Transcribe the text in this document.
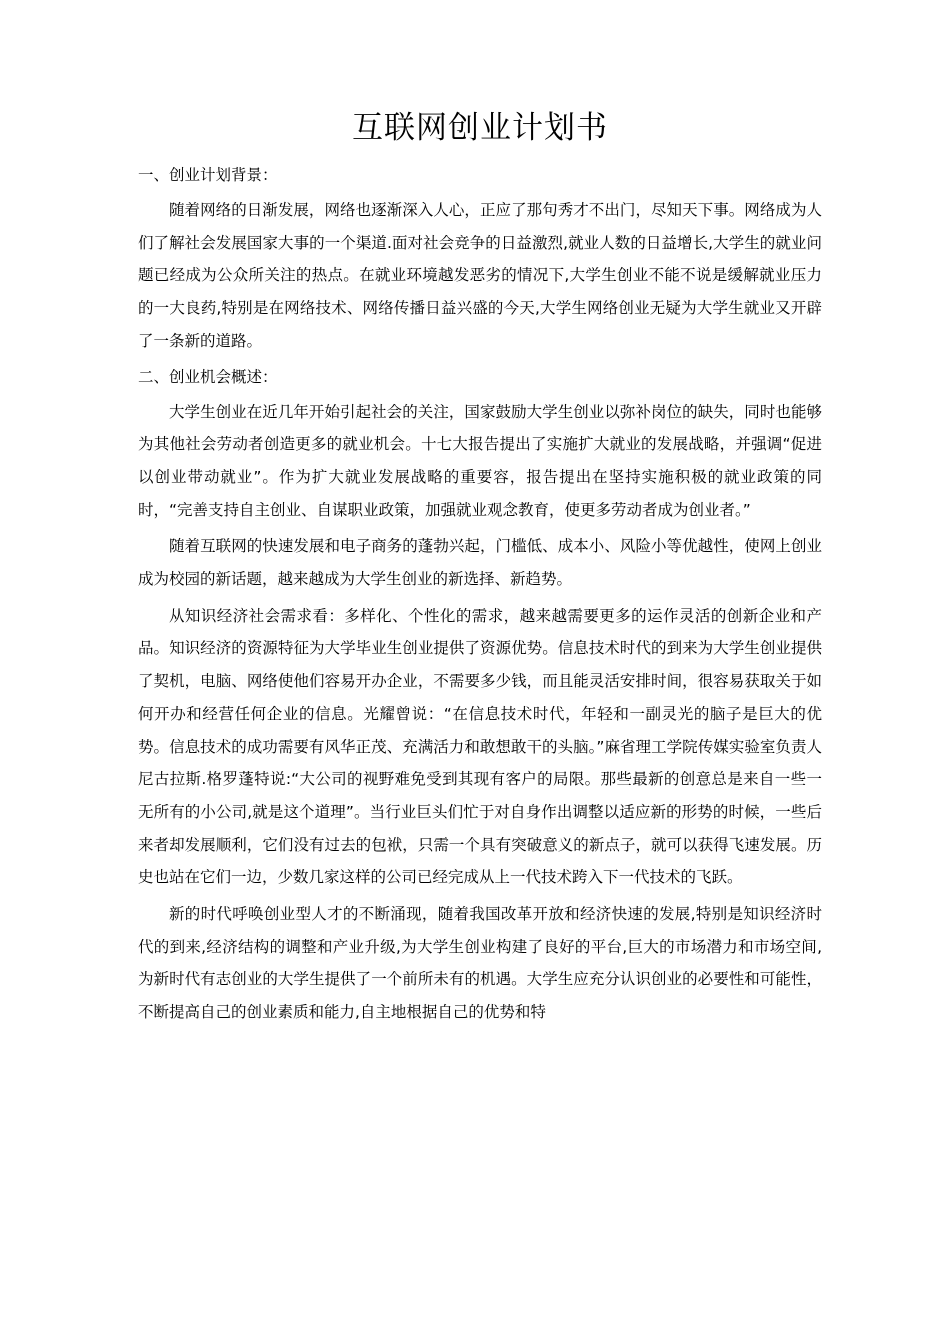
互联网创业计划书
一、创业计划背景：

随着网络的日渐发展，网络也逐渐深入人心，正应了那句秀才不出门，尽知天下事。网络成为人们了解社会发展国家大事的一个渠道.面对社会竞争的日益激烈,就业人数的日益增长,大学生的就业问题已经成为公众所关注的热点。在就业环境越发恶劣的情况下,大学生创业不能不说是缓解就业压力的一大良药,特别是在网络技术、网络传播日益兴盛的今天,大学生网络创业无疑为大学生就业又开辟了一条新的道路。

二、创业机会概述：

大学生创业在近几年开始引起社会的关注，国家鼓励大学生创业以弥补岗位的缺失，同时也能够为其他社会劳动者创造更多的就业机会。十七大报告提出了实施扩大就业的发展战略，并强调“促进以创业带动就业”。作为扩大就业发展战略的重要容，报告提出在坚持实施积极的就业政策的同时，“完善支持自主创业、自谋职业政策，加强就业观念教育，使更多劳动者成为创业者。”

随着互联网的快速发展和电子商务的蓬勃兴起，门槛低、成本小、风险小等优越性，使网上创业成为校园的新话题，越来越成为大学生创业的新选择、新趋势。

从知识经济社会需求看：多样化、个性化的需求，越来越需要更多的运作灵活的创新企业和产品。知识经济的资源特征为大学毕业生创业提供了资源优势。信息技术时代的到来为大学生创业提供了契机，电脑、网络使他们容易开办企业，不需要多少钱，而且能灵活安排时间，很容易获取关于如何开办和经营任何企业的信息。光耀曾说：“在信息技术时代，年轻和一副灵光的脑子是巨大的优势。信息技术的成功需要有风华正茂、充满活力和敢想敢干的头脑。”麻省理工学院传媒实验室负责人尼古拉斯.格罗蓬特说:“大公司的视野难免受到其现有客户的局限。那些最新的创意总是来自一些一无所有的小公司,就是这个道理”。当行业巨头们忙于对自身作出调整以适应新的形势的时候，一些后来者却发展顺利，它们没有过去的包袱，只需一个具有突破意义的新点子，就可以获得飞速发展。历史也站在它们一边，少数几家这样的公司已经完成从上一代技术跨入下一代技术的飞跃。

新的时代呼唤创业型人才的不断涌现，随着我国改革开放和经济快速的发展,特别是知识经济时代的到来,经济结构的调整和产业升级,为大学生创业构建了良好的平台,巨大的市场潜力和市场空间,为新时代有志创业的大学生提供了一个前所未有的机遇。大学生应充分认识创业的必要性和可能性，不断提高自己的创业素质和能力,自主地根据自己的优势和特
